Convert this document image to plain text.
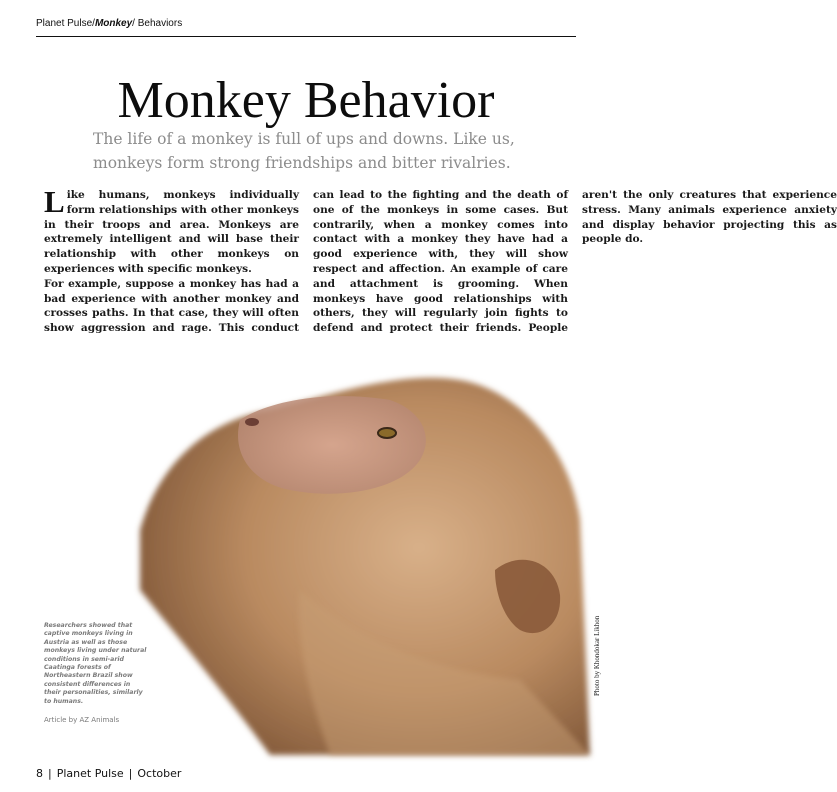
Planet Pulse/Monkey/ Behaviors
Monkey Behavior
The life of a monkey is full of ups and downs. Like us, monkeys form strong friendships and bitter rivalries.

Like humans, monkeys individually form relationships with other monkeys in their troops and area. Monkeys are extremely intelligent and will base their relationship with other monkeys on experiences with specific monkeys.

For example, suppose a monkey has had a bad experience with another monkey and crosses paths. In that case, they will often show aggression and rage. This conduct can lead to the fighting and the death of one of the monkeys in some cases. But contrarily, when a monkey comes into contact with a monkey they have had a good experience with, they will show respect and affection. An example of care and attachment is grooming. When monkeys have good relationships with others, they will regularly join fights to defend and protect their friends. People aren't the only creatures that experience stress. Many animals experience anxiety and display behavior projecting this as people do.

Researchers showed that captive monkeys living in Austria as well as those monkeys living under natural conditions in semi-arid Caatinga forests of Northeastern Brazil show consistent differences in their personalities, similarly to humans.
Article by AZ Animals
Photo by Khondokar Likhon
8 | Planet Pulse | October
